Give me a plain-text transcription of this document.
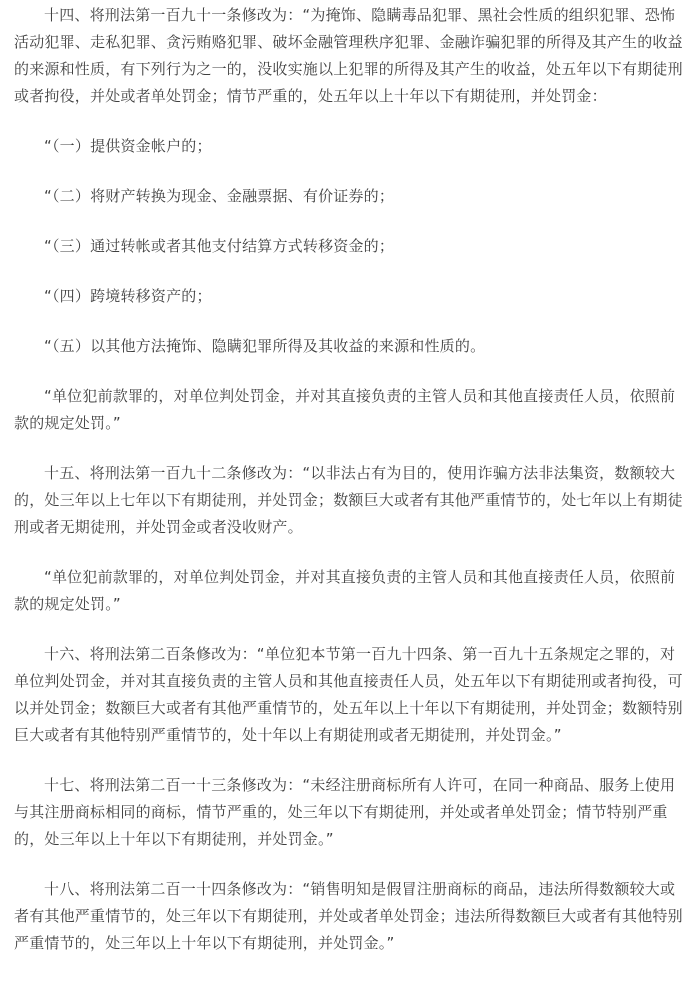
十四、将刑法第一百九十一条修改为：“为掩饰、隐瞒毒品犯罪、黑社会性质的组织犯罪、恐怖活动犯罪、走私犯罪、贪污贿赂犯罪、破坏金融管理秩序犯罪、金融诈骗犯罪的所得及其产生的收益的来源和性质，有下列行为之一的，没收实施以上犯罪的所得及其产生的收益，处五年以下有期徒刑或者拘役，并处或者单处罚金；情节严重的，处五年以上十年以下有期徒刑，并处罚金：

“（一）提供资金帐户的；

“（二）将财产转换为现金、金融票据、有价证券的；

“（三）通过转帐或者其他支付结算方式转移资金的；

“（四）跨境转移资产的；

“（五）以其他方法掩饰、隐瞒犯罪所得及其收益的来源和性质的。

“单位犯前款罪的，对单位判处罚金，并对其直接负责的主管人员和其他直接责任人员，依照前款的规定处罚。”

十五、将刑法第一百九十二条修改为：“以非法占有为目的，使用诈骗方法非法集资，数额较大的，处三年以上七年以下有期徒刑，并处罚金；数额巨大或者有其他严重情节的，处七年以上有期徒刑或者无期徒刑，并处罚金或者没收财产。

“单位犯前款罪的，对单位判处罚金，并对其直接负责的主管人员和其他直接责任人员，依照前款的规定处罚。”

十六、将刑法第二百条修改为：“单位犯本节第一百九十四条、第一百九十五条规定之罪的，对单位判处罚金，并对其直接负责的主管人员和其他直接责任人员，处五年以下有期徒刑或者拘役，可以并处罚金；数额巨大或者有其他严重情节的，处五年以上十年以下有期徒刑，并处罚金；数额特别巨大或者有其他特别严重情节的，处十年以上有期徒刑或者无期徒刑，并处罚金。”

十七、将刑法第二百一十三条修改为：“未经注册商标所有人许可，在同一种商品、服务上使用与其注册商标相同的商标，情节严重的，处三年以下有期徒刑，并处或者单处罚金；情节特别严重的，处三年以上十年以下有期徒刑，并处罚金。”

十八、将刑法第二百一十四条修改为：“销售明知是假冒注册商标的商品，违法所得数额较大或者有其他严重情节的，处三年以下有期徒刑，并处或者单处罚金；违法所得数额巨大或者有其他特别严重情节的，处三年以上十年以下有期徒刑，并处罚金。”
